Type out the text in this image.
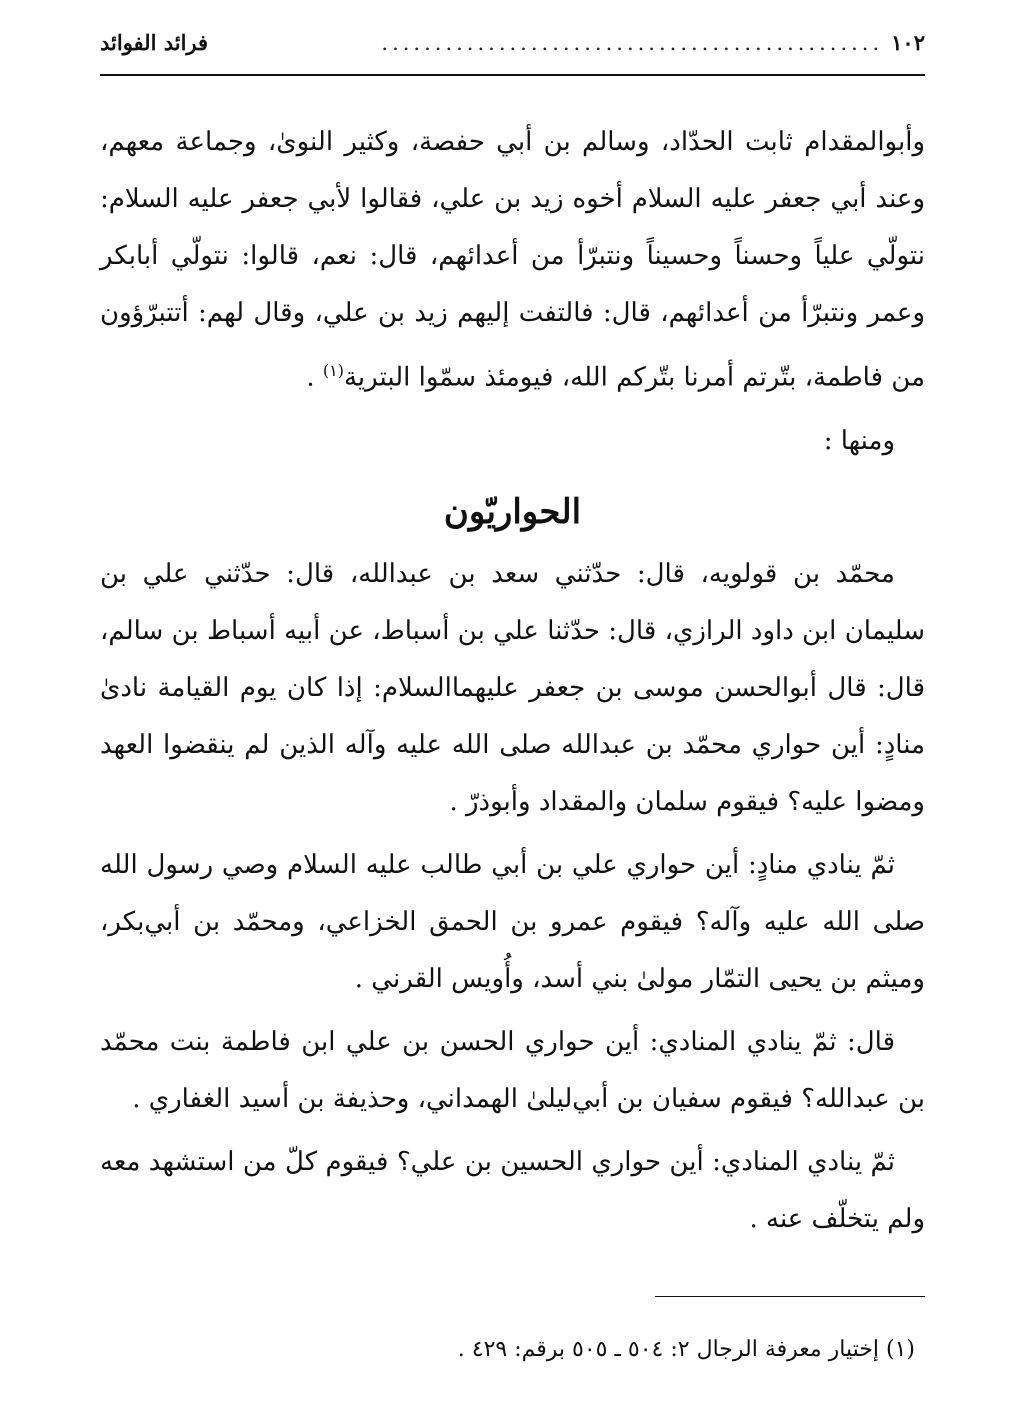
١٠٢
...............................................
فرائد الفوائد

وأبوالمقدام ثابت الحدّاد، وسالم بن أبي حفصة، وكثير النوىٰ، وجماعة معهم، وعند أبي جعفر عليه السلام أخوه زيد بن علي، فقالوا لأبي جعفر عليه السلام: نتولّي علياً وحسناً وحسيناً ونتبرّأ من أعدائهم، قال: نعم، قالوا: نتولّي أبابكر وعمر ونتبرّأ من أعدائهم، قال: فالتفت إليهم زيد بن علي، وقال لهم: أتتبرّؤون من فاطمة، بتّرتم أمرنا بتّركم الله، فيومئذ سمّوا البترية$^{(١)}$ .

ومنها :

الحواريّون

محمّد بن قولويه، قال: حدّثني سعد بن عبدالله، قال: حدّثني علي بن سليمان ابن داود الرازي، قال: حدّثنا علي بن أسباط، عن أبيه أسباط بن سالم، قال: قال أبوالحسن موسى بن جعفر عليهماالسلام: إذا كان يوم القيامة نادىٰ منادٍ: أين حواري محمّد بن عبدالله صلى الله عليه وآله الذين لم ينقضوا العهد ومضوا عليه؟ فيقوم سلمان والمقداد وأبوذرّ .

ثمّ ينادي منادٍ: أين حواري علي بن أبي طالب عليه السلام وصي رسول الله صلى الله عليه وآله؟ فيقوم عمرو بن الحمق الخزاعي، ومحمّد بن أبي‌بكر، وميثم بن يحيى التمّار مولىٰ بني أسد، وأُويس القرني .

قال: ثمّ ينادي المنادي: أين حواري الحسن بن علي ابن فاطمة بنت محمّد بن عبدالله؟ فيقوم سفيان بن أبي‌ليلىٰ الهمداني، وحذيفة بن أسيد الغفاري .

ثمّ ينادي المنادي: أين حواري الحسين بن علي؟ فيقوم كلّ من استشهد معه ولم يتخلّف عنه .

(١) إختيار معرفة الرجال ٢: ٥٠٤ ـ ٥٠٥ برقم: ٤٢٩ .
